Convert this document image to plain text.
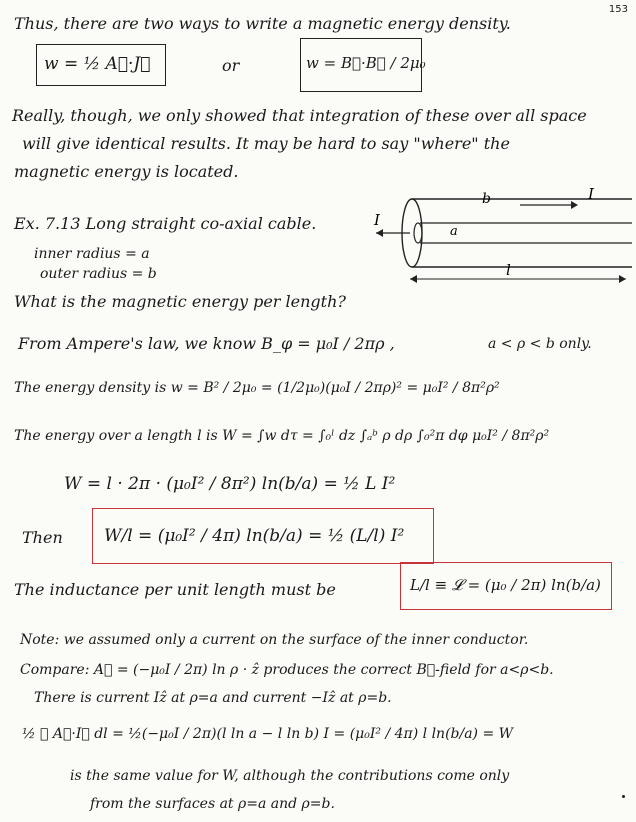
153
Thus, there are two ways to write a magnetic energy density.
w = ½ A⃗·J⃗	or	w = B⃗·B⃗ / 2μ₀
Really, though, we only showed that integration of these over all space
will give identical results. It may be hard to say "where" the
magnetic energy is located.
Ex. 7.13 Long straight co-axial cable.
inner radius = a
outer radius = b
What is the magnetic energy per length?
b	I
I
a
l
From Ampere's law, we know B_φ = μ₀I / 2πρ ,	a < ρ < b only.
The energy density is w = B² / 2μ₀ = (1/2μ₀)(μ₀I / 2πρ)² = μ₀I² / 8π²ρ²
The energy over a length l is W = ∫w dτ = ∫₀ˡ dz ∫ₐᵇ ρ dρ ∫₀²π dφ μ₀I² / 8π²ρ²
W = l · 2π · (μ₀I² / 8π²) ln(b/a) = ½ L I²
Then W/l = (μ₀I² / 4π) ln(b/a) = ½ (L/l) I²
The inductance per unit length must be	L/l ≡ 𝓛 = (μ₀ / 2π) ln(b/a)
Note: we assumed only a current on the surface of the inner conductor.
Compare: A⃗ = (−μ₀I / 2π) ln ρ · ẑ produces the correct B⃗-field for a<ρ<b.
There is current Iẑ at ρ=a and current −Iẑ at ρ=b.
½ ∮ A⃗·I⃗ dl = ½(−μ₀I / 2π)(l ln a − l ln b) I = (μ₀I² / 4π) l ln(b/a) = W
is the same value for W, although the contributions come only
from the surfaces at ρ=a and ρ=b.
